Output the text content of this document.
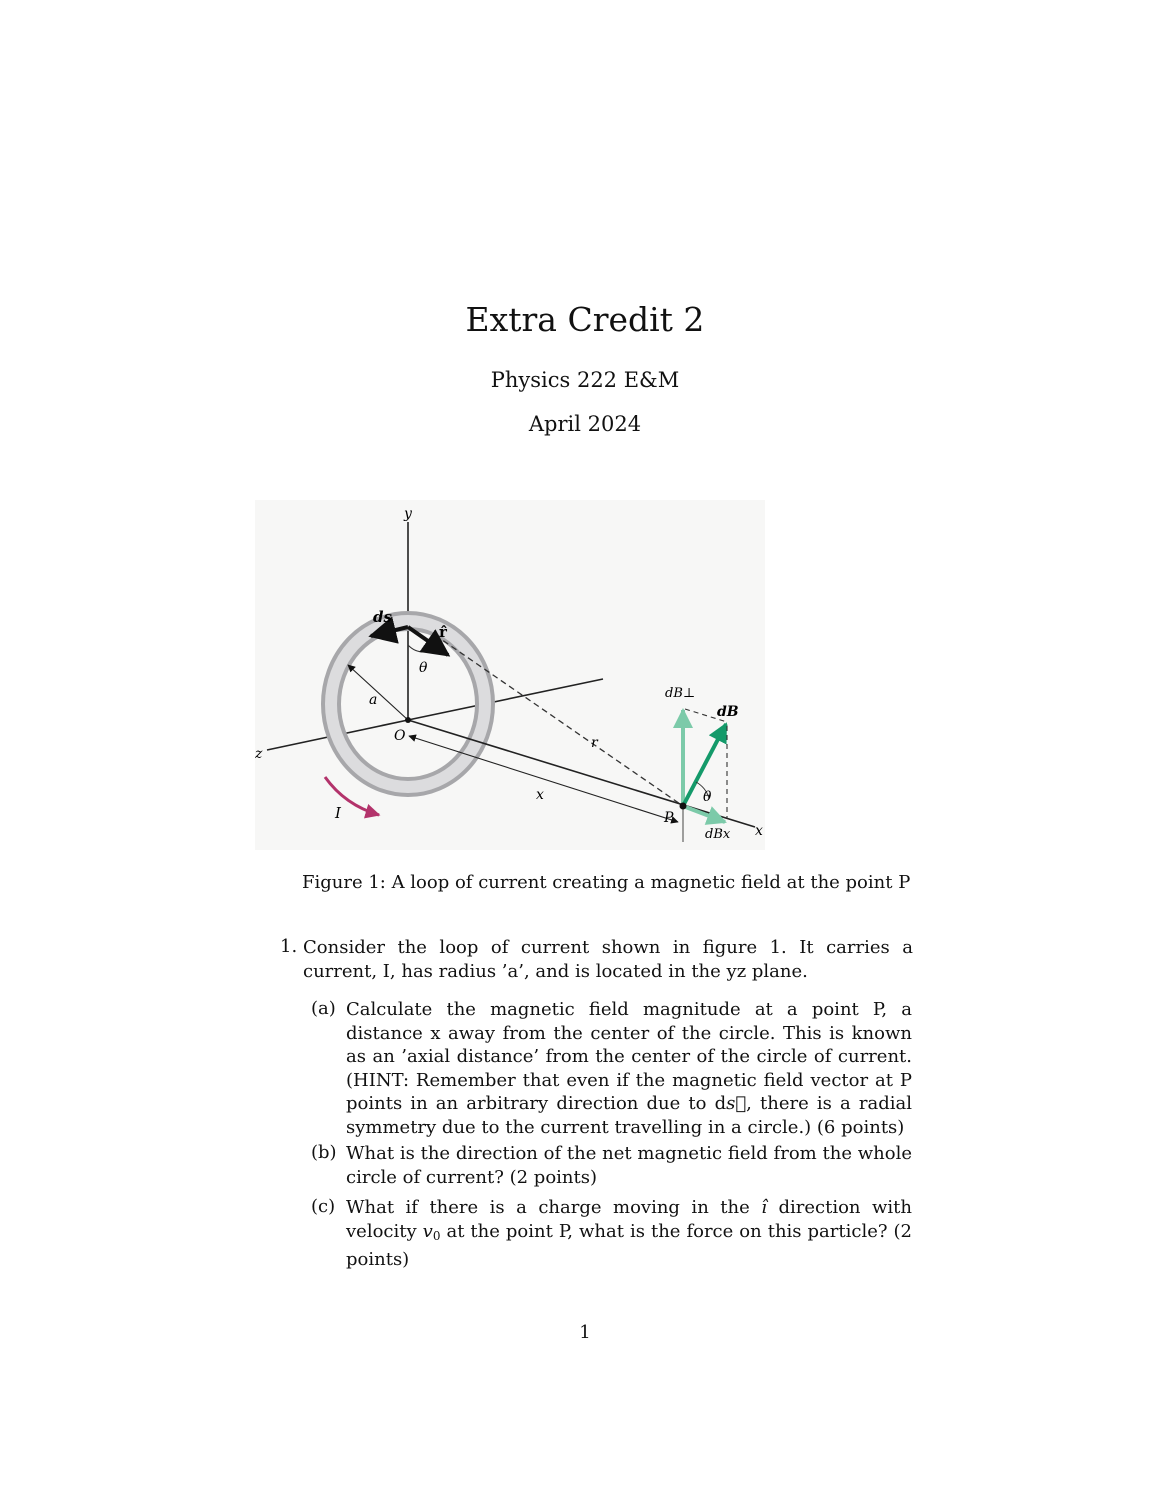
Extra Credit 2
Physics 222 E&M
April 2024
y
z
x
ds
r̂
θ
a
O	r
I
x
P
dB⊥
dB
θ
dBx
Figure 1: A loop of current creating a magnetic field at the point P
1. Consider the loop of current shown in figure 1. It carries a current, I, has radius ’a’, and is located in the yz plane.
(a) Calculate the magnetic field magnitude at a point P, a distance x away from the center of the circle. This is known as an ’axial distance’ from the center of the circle of current. (HINT: Remember that even if the magnetic field vector at P points in an arbitrary direction due to ds⃗, there is a radial symmetry due to the current travelling in a circle.) (6 points)
(b) What is the direction of the net magnetic field from the whole circle of current? (2 points)
(c) What if there is a charge moving in the î direction with velocity v0 at the point P, what is the force on this particle? (2 points)
1
